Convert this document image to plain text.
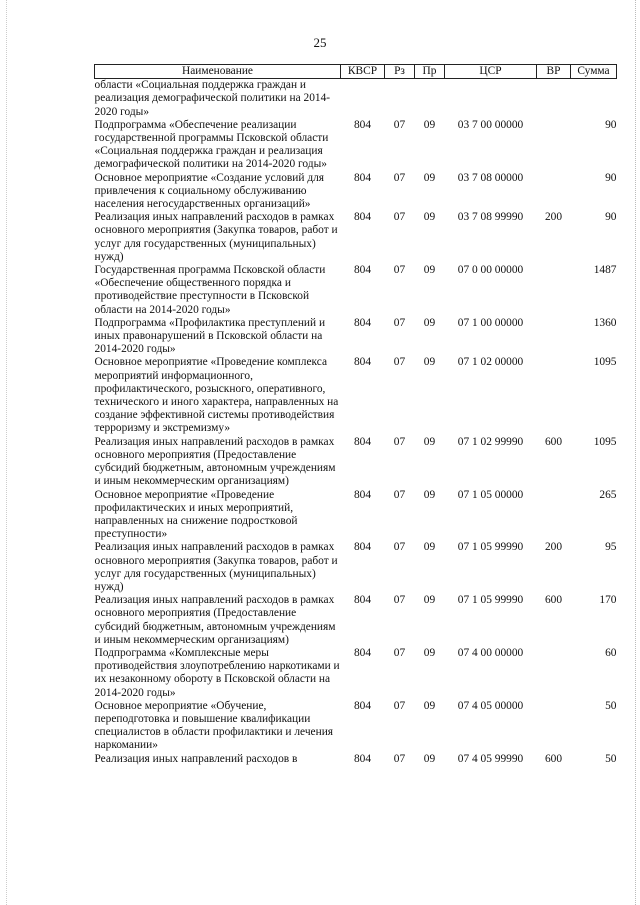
25
Наименование	КВСР	Рз	Пр	ЦСР	ВР	Сумма
области «Социальная поддержка граждан и реализация демографической политики на 2014-2020 годы»						
Подпрограмма «Обеспечение реализации государственной программы Псковской области «Социальная поддержка граждан и реализация демографической политики на 2014-2020 годы»	804	07	09	03 7 00 00000		90
Основное мероприятие «Создание условий для привлечения к социальному обслуживанию населения негосударственных организаций»	804	07	09	03 7 08 00000		90
Реализация иных направлений расходов в рамках основного мероприятия (Закупка товаров, работ и услуг для государственных (муниципальных) нужд)	804	07	09	03 7 08 99990	200	90
Государственная программа Псковской области «Обеспечение общественного порядка и противодействие преступности в Псковской области на 2014-2020 годы»	804	07	09	07 0 00 00000		1487
Подпрограмма «Профилактика преступлений и иных правонарушений в Псковской области на 2014-2020 годы»	804	07	09	07 1 00 00000		1360
Основное мероприятие «Проведение комплекса мероприятий информационного, профилактического, розыскного, оперативного, технического и иного характера, направленных на создание эффективной системы противодействия терроризму и экстремизму»	804	07	09	07 1 02 00000		1095
Реализация иных направлений расходов в рамках основного мероприятия (Предоставление субсидий бюджетным, автономным учреждениям и иным некоммерческим организациям)	804	07	09	07 1 02 99990	600	1095
Основное мероприятие «Проведение профилактических и иных мероприятий, направленных на снижение подростковой преступности»	804	07	09	07 1 05 00000		265
Реализация иных направлений расходов в рамках основного мероприятия (Закупка товаров, работ и услуг для государственных (муниципальных) нужд)	804	07	09	07 1 05 99990	200	95
Реализация иных направлений расходов в рамках основного мероприятия (Предоставление субсидий бюджетным, автономным учреждениям и иным некоммерческим организациям)	804	07	09	07 1 05 99990	600	170
Подпрограмма «Комплексные меры противодействия злоупотреблению наркотиками и их незаконному обороту в Псковской области на 2014-2020 годы»	804	07	09	07 4 00 00000		60
Основное мероприятие «Обучение, переподготовка и повышение квалификации специалистов в области профилактики и лечения наркомании»	804	07	09	07 4 05 00000		50
Реализация иных направлений расходов в	804	07	09	07 4 05 99990	600	50
